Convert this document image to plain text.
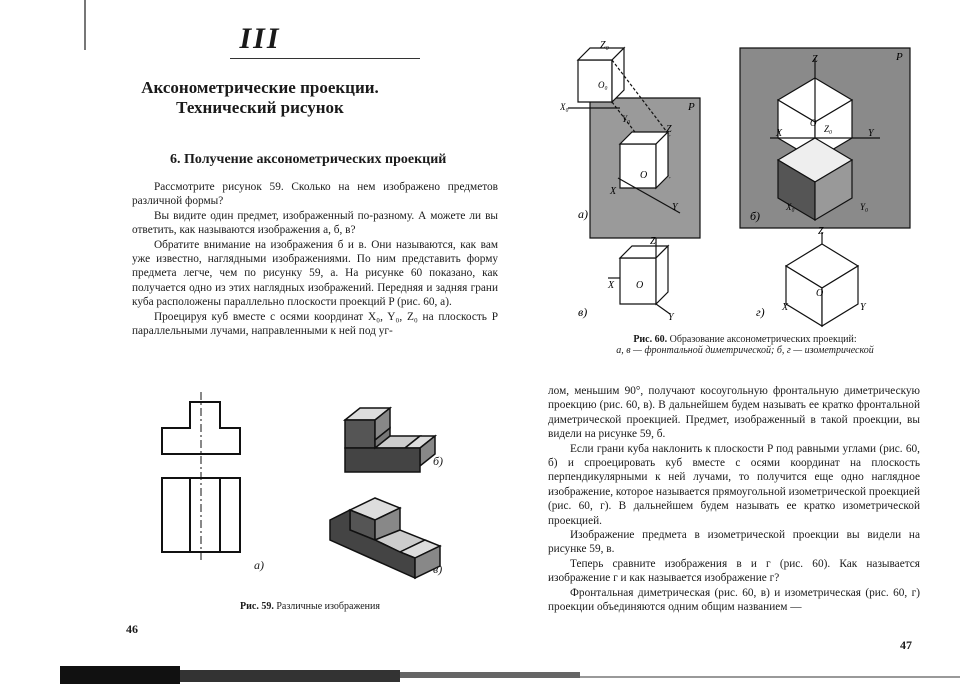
III
Аксонометрические проекции.
Технический рисунок
6. Получение аксонометрических проекций

Рассмотрите рисунок 59. Сколько на нем изображено предметов различной формы?

Вы видите один предмет, изображенный по-разному. А можете ли вы ответить, как называются изображения а, б, в?

Обратите внимание на изображения б и в. Они называются, как вам уже известно, наглядными изображениями. По ним представить форму предмета легче, чем по рисунку 59, а. На рисунке 60 показано, как получается одно из этих наглядных изображений. Передняя и задняя грани куба расположены параллельно плоскости проекций P (рис. 60, а).

Проецируя куб вместе с осями координат X₀, Y₀, Z₀ на плоскость P параллельными лучами, направленными к ней под уг-

а)
б)
в)
Рис. 59. Различные изображения
46
Z₀
O₀
X₀
Y₀
P
Z
O
X
Y
а)
Z	P
O
Z₀
X	Y
X₀	Y₀
б)
Z
X O
Y
в)
Z
X
O
Y
г)
Рис. 60. Образование аксонометрических проекций:
а, в — фронтальной диметрической; б, г — изометрической

лом, меньшим 90°, получают косоугольную фронтальную диметрическую проекцию (рис. 60, в). В дальнейшем будем называть ее кратко фронтальной диметрической проекцией. Предмет, изображенный в такой проекции, вы видели на рисунке 59, б.

Если грани куба наклонить к плоскости P под равными углами (рис. 60, б) и спроецировать куб вместе с осями координат на плоскость перпендикулярными к ней лучами, то получится еще одно наглядное изображение, которое называется прямоугольной изометрической проекцией (рис. 60, г). В дальнейшем будем называть ее кратко изометрической проекцией.

Изображение предмета в изометрической проекции вы видели на рисунке 59, в.

Теперь сравните изображения в и г (рис. 60). Как называется изображение г и как называется изображение г?

Фронтальная диметрическая (рис. 60, в) и изометрическая (рис. 60, г) проекции объединяются одним общим названием —

47
